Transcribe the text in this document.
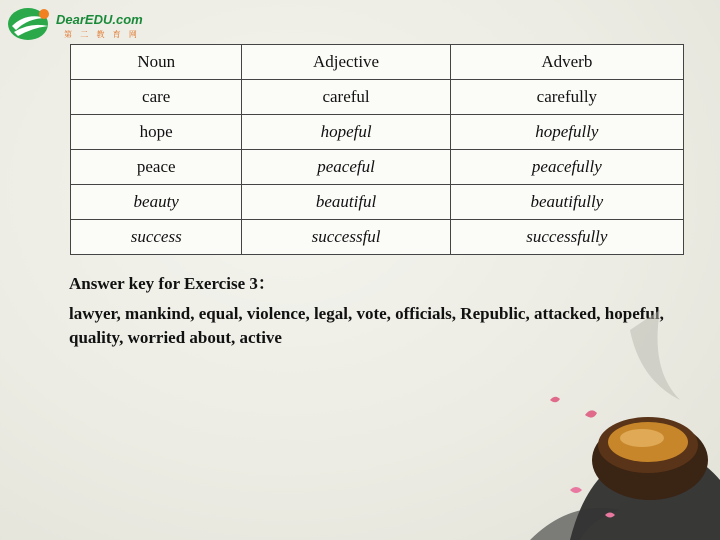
DearEDU.com
第 二 教 育 网
Noun	Adjective	Adverb
care	careful	carefully
hope	hopeful	hopefully
peace	peaceful	peacefully
beauty	beautiful	beautifully
success	successful	successfully
Answer key for Exercise 3：
lawyer, mankind, equal, violence, legal, vote, officials, Republic, attacked, hopeful, quality, worried about, active
